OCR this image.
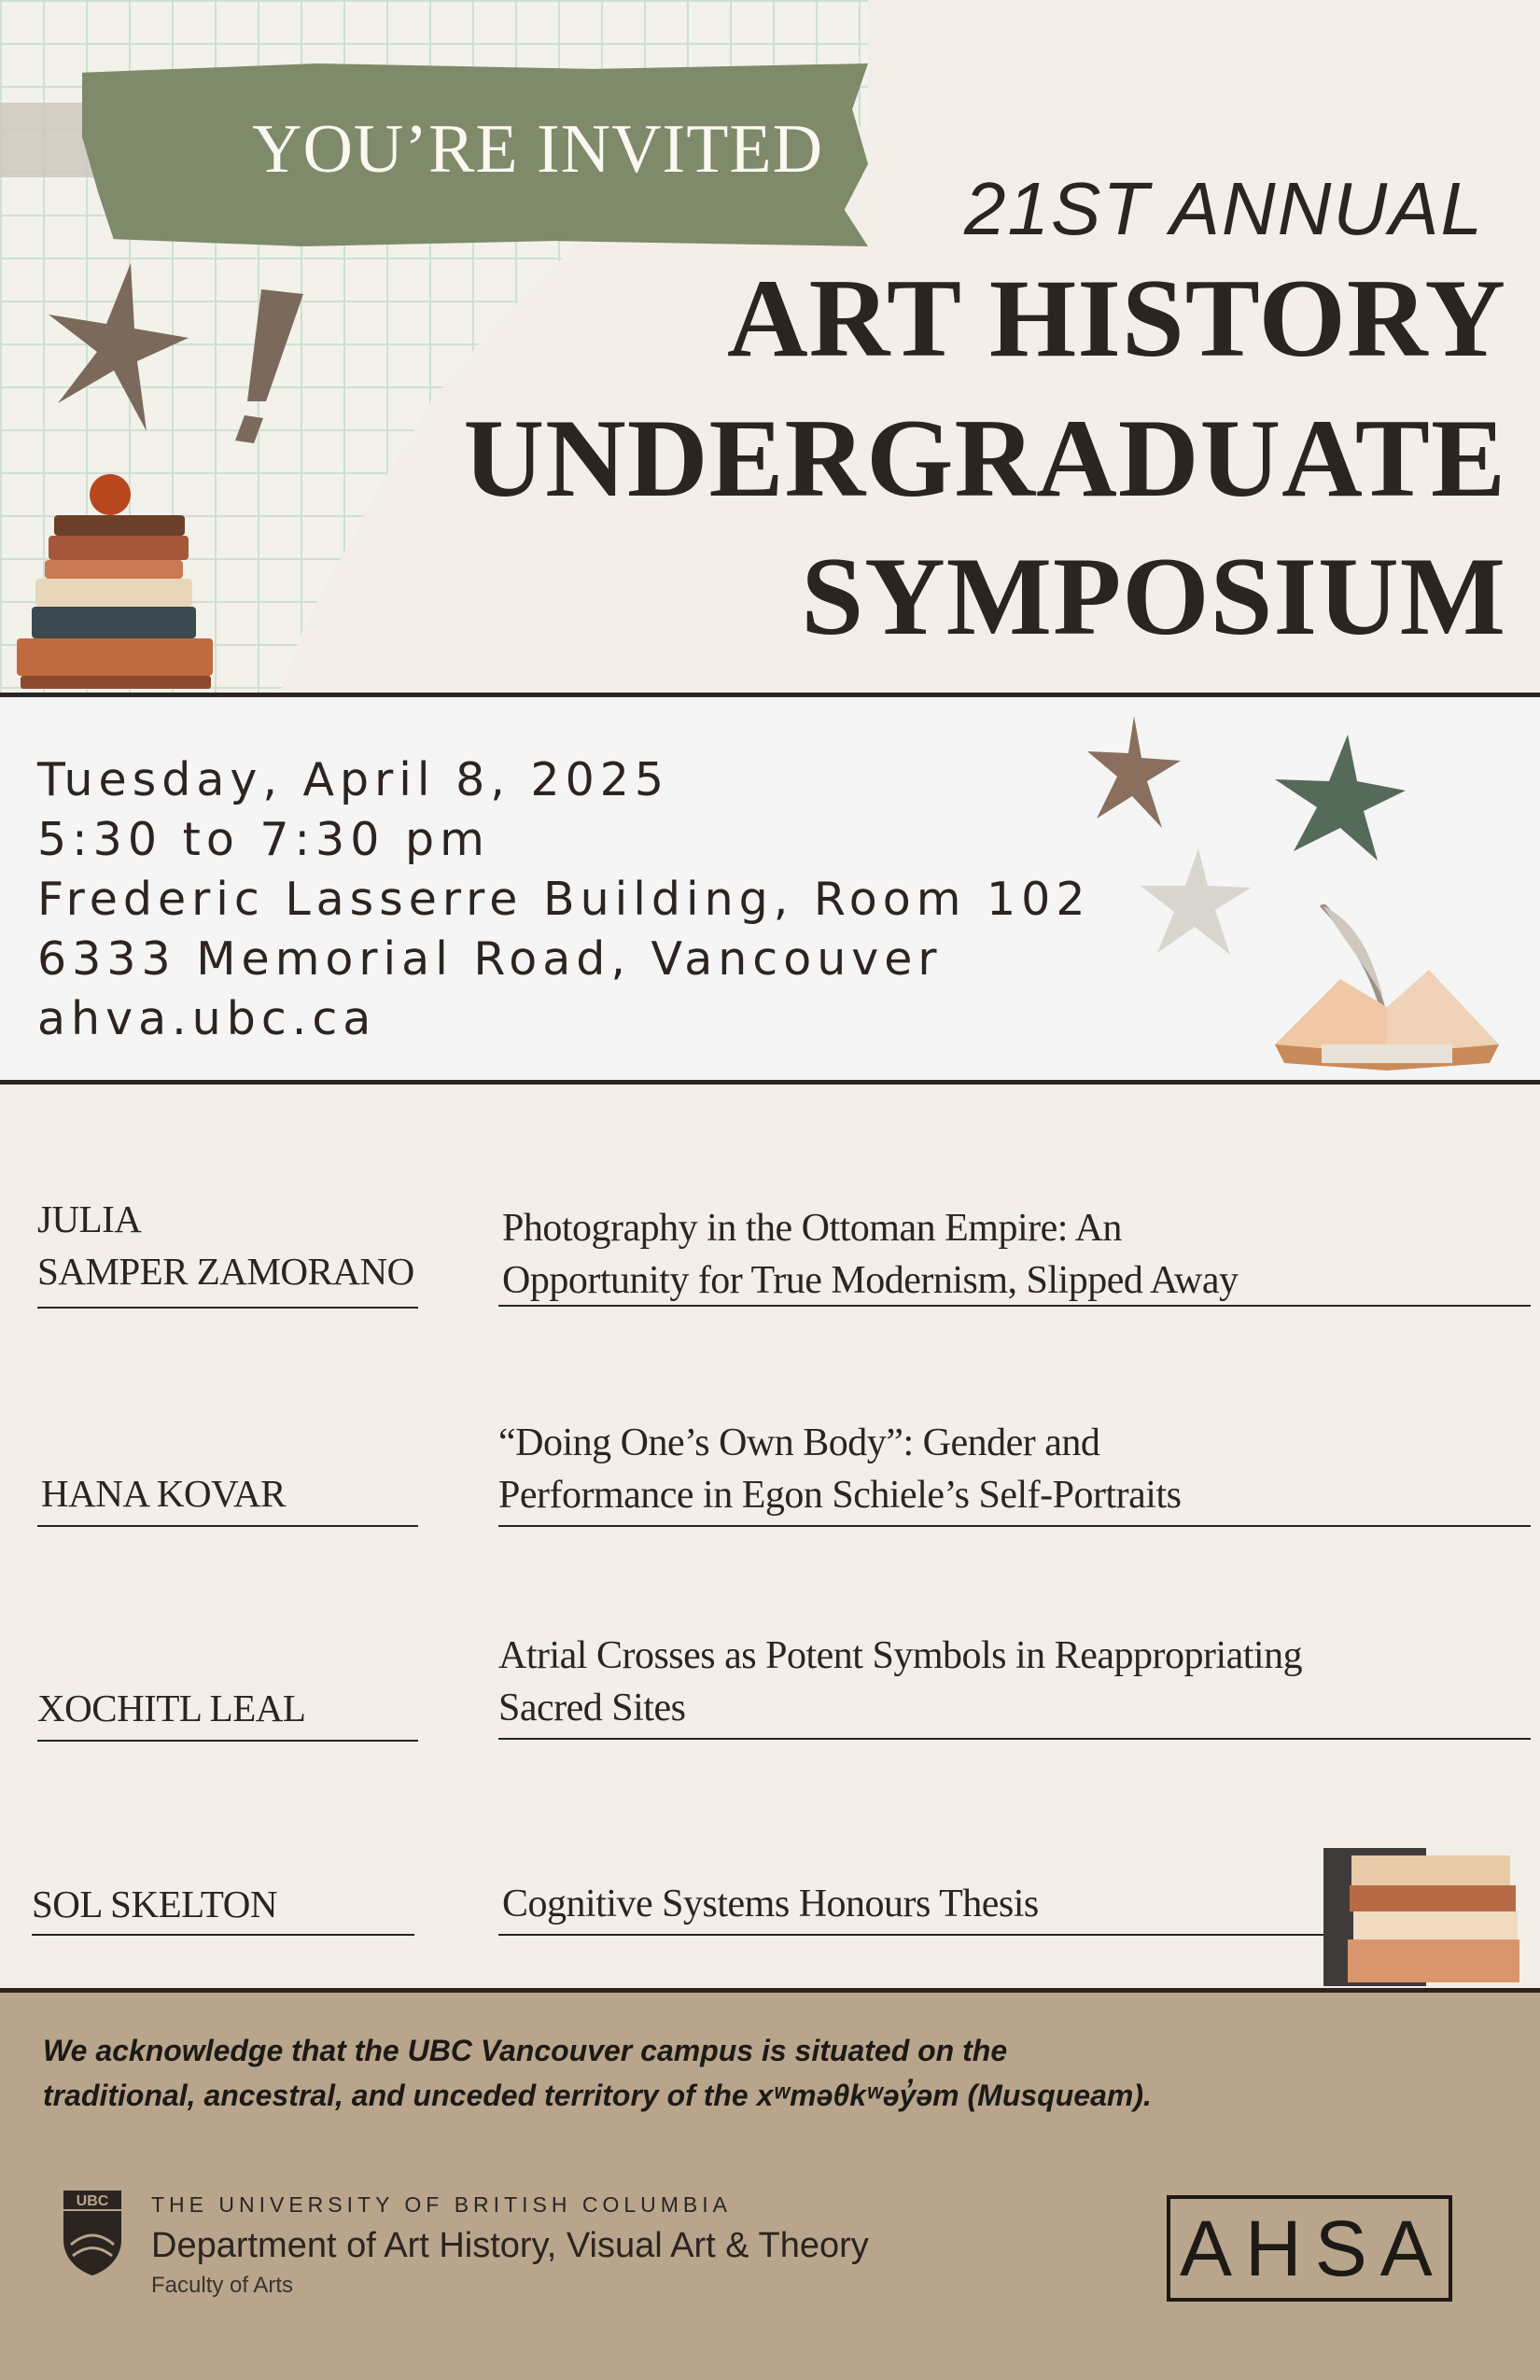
YOU’RE INVITED
21ST ANNUAL
ART HISTORY
UNDERGRADUATE
SYMPOSIUM
Tuesday, April 8, 2025
5:30 to 7:30 pm
Frederic Lasserre Building, Room 102
6333 Memorial Road, Vancouver
ahva.ubc.ca
JULIA
SAMPER ZAMORANO
Photography in the Ottoman Empire: An
Opportunity for True Modernism, Slipped Away
HANA KOVAR
“Doing One’s Own Body”: Gender and
Performance in Egon Schiele’s Self-Portraits
XOCHITL LEAL
Atrial Crosses as Potent Symbols in Reappropriating
Sacred Sites
SOL SKELTON	Cognitive Systems Honours Thesis
We acknowledge that the UBC Vancouver campus is situated on the
traditional, ancestral, and unceded territory of the xʷməθkʷəy̓əm (Musqueam).
UBC THE UNIVERSITY OF BRITISH COLUMBIA
Department of Art History, Visual Art & Theory
Faculty of Arts	AHSA
